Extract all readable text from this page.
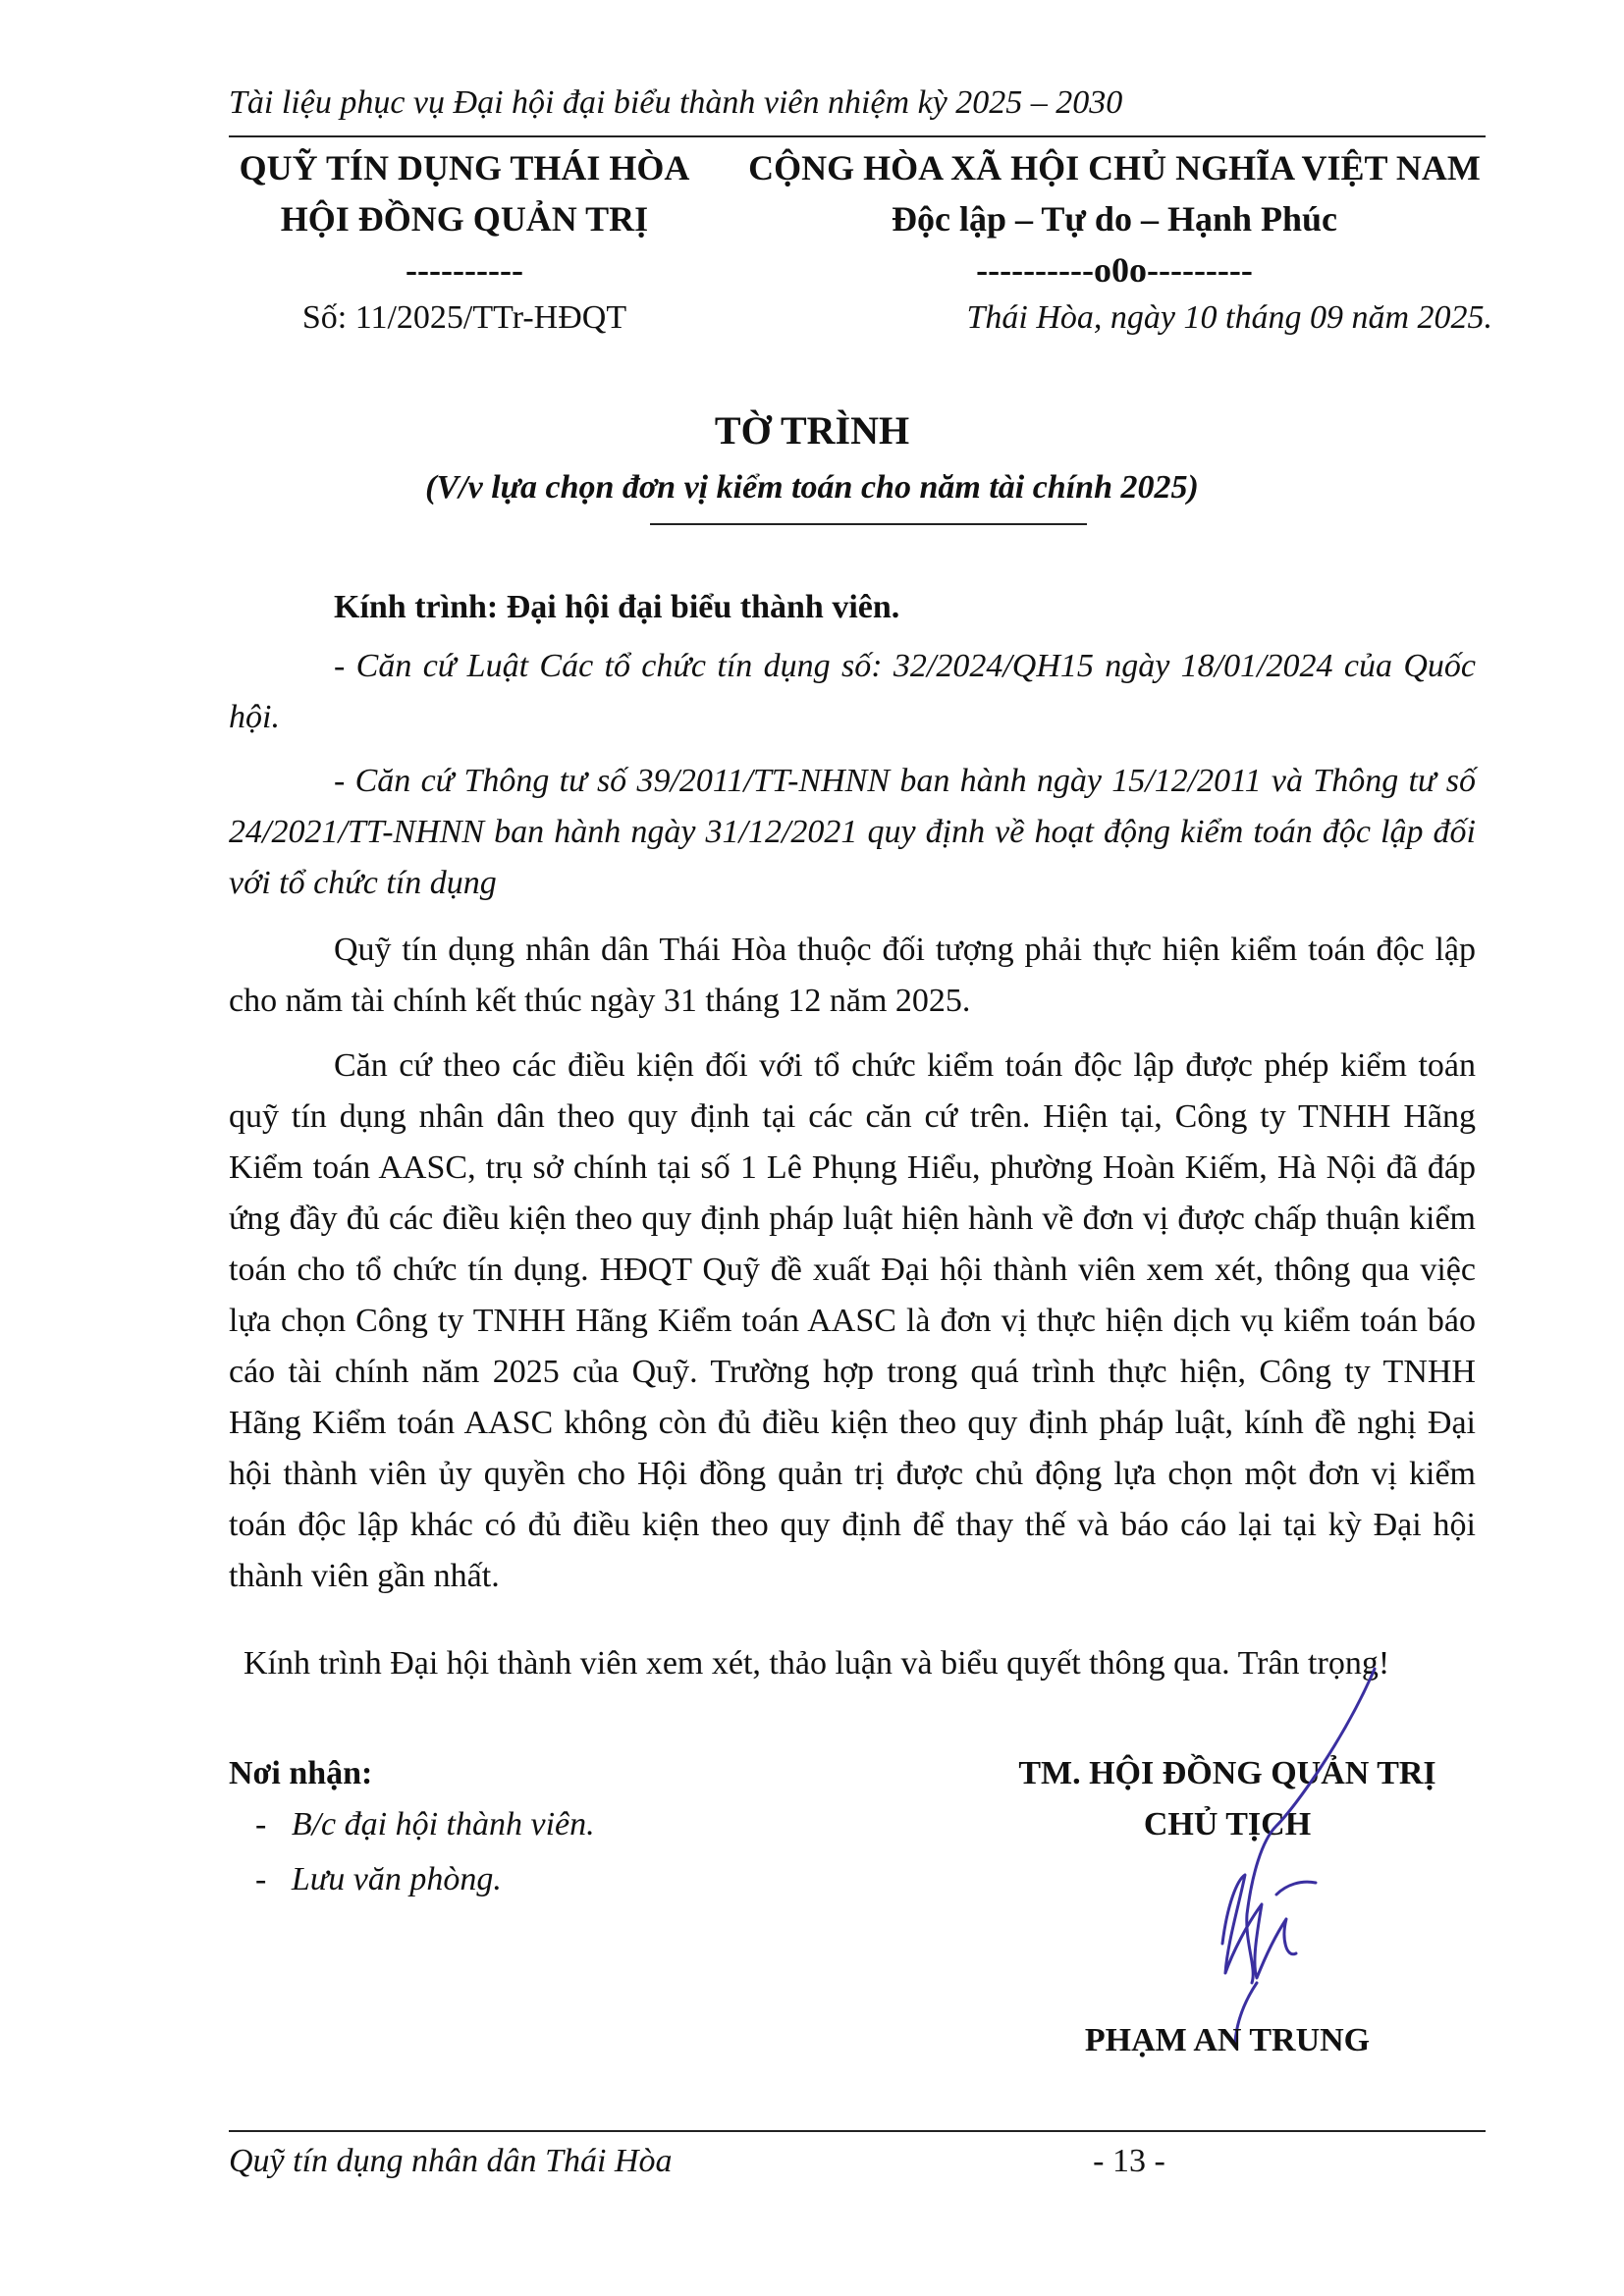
Tài liệu phục vụ Đại hội đại biểu thành viên nhiệm kỳ 2025 – 2030
QUỸ TÍN DỤNG THÁI HÒA
HỘI ĐỒNG QUẢN TRỊ
----------
Số: 11/2025/TTr-HĐQT
CỘNG HÒA XÃ HỘI CHỦ NGHĨA VIỆT NAM
Độc lập – Tự do – Hạnh Phúc
----------o0o---------
Thái Hòa, ngày 10 tháng 09 năm 2025.
TỜ TRÌNH
(V/v lựa chọn đơn vị kiểm toán cho năm tài chính 2025)
Kính trình: Đại hội đại biểu thành viên.
- Căn cứ Luật Các tổ chức tín dụng số: 32/2024/QH15 ngày 18/01/2024 của Quốc hội.
- Căn cứ Thông tư số 39/2011/TT-NHNN ban hành ngày 15/12/2011 và Thông tư số 24/2021/TT-NHNN ban hành ngày 31/12/2021 quy định về hoạt động kiểm toán độc lập đối với tổ chức tín dụng
Quỹ tín dụng nhân dân Thái Hòa thuộc đối tượng phải thực hiện kiểm toán độc lập cho năm tài chính kết thúc ngày 31 tháng 12 năm 2025.
Căn cứ theo các điều kiện đối với tổ chức kiểm toán độc lập được phép kiểm toán quỹ tín dụng nhân dân theo quy định tại các căn cứ trên. Hiện tại, Công ty TNHH Hãng Kiểm toán AASC, trụ sở chính tại số 1 Lê Phụng Hiểu, phường Hoàn Kiếm, Hà Nội đã đáp ứng đầy đủ các điều kiện theo quy định pháp luật hiện hành về đơn vị được chấp thuận kiểm toán cho tổ chức tín dụng. HĐQT Quỹ đề xuất Đại hội thành viên xem xét, thông qua việc lựa chọn Công ty TNHH Hãng Kiểm toán AASC là đơn vị thực hiện dịch vụ kiểm toán báo cáo tài chính năm 2025 của Quỹ. Trường hợp trong quá trình thực hiện, Công ty TNHH Hãng Kiểm toán AASC không còn đủ điều kiện theo quy định pháp luật, kính đề nghị Đại hội thành viên ủy quyền cho Hội đồng quản trị được chủ động lựa chọn một đơn vị kiểm toán độc lập khác có đủ điều kiện theo quy định để thay thế và báo cáo lại tại kỳ Đại hội thành viên gần nhất.
Kính trình Đại hội thành viên xem xét, thảo luận và biểu quyết thông qua. Trân trọng!
Nơi nhận:
-   B/c đại hội thành viên.
-   Lưu văn phòng.
TM. HỘI ĐỒNG QUẢN TRỊ
CHỦ TỊCH
PHẠM AN TRUNG
Quỹ tín dụng nhân dân Thái Hòa	- 13 -
